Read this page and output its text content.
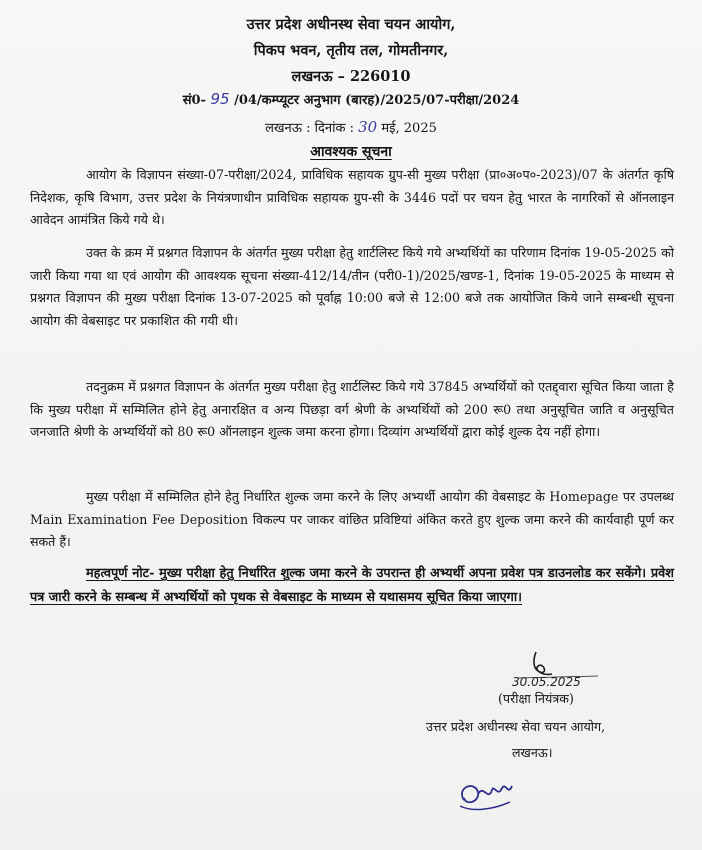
उत्तर प्रदेश अधीनस्थ सेवा चयन आयोग,
पिकप भवन, तृतीय तल, गोमतीनगर,
लखनऊ – 226010
सं0- 95 /04/कम्प्यूटर अनुभाग (बारह)/2025/07-परीक्षा/2024
लखनऊ : दिनांक : 30 मई, 2025
आवश्यक सूचना

आयोग के विज्ञापन संख्या-07-परीक्षा/2024, प्राविधिक सहायक ग्रुप-सी मुख्य परीक्षा (प्रा०अ०प०-2023)/07 के अंतर्गत कृषि निदेशक, कृषि विभाग, उत्तर प्रदेश के नियंत्रणाधीन प्राविधिक सहायक ग्रुप-सी के 3446 पदों पर चयन हेतु भारत के नागरिकों से ऑनलाइन आवेदन आमंत्रित किये गये थे।

उक्त के क्रम में प्रश्नगत विज्ञापन के अंतर्गत मुख्य परीक्षा हेतु शार्टलिस्ट किये गये अभ्यर्थियों का परिणाम दिनांक 19-05-2025 को जारी किया गया था एवं आयोग की आवश्यक सूचना संख्या-412/14/तीन (परी0-1)/2025/खण्ड-1, दिनांक 19-05-2025 के माध्यम से प्रश्नगत विज्ञापन की मुख्य परीक्षा दिनांक 13-07-2025 को पूर्वाह्न 10:00 बजे से 12:00 बजे तक आयोजित किये जाने सम्बन्धी सूचना आयोग की वेबसाइट पर प्रकाशित की गयी थी।

तदनुक्रम में प्रश्नगत विज्ञापन के अंतर्गत मुख्य परीक्षा हेतु शार्टलिस्ट किये गये 37845 अभ्यर्थियों को एतद्द्वारा सूचित किया जाता है कि मुख्य परीक्षा में सम्मिलित होने हेतु अनारक्षित व अन्य पिछड़ा वर्ग श्रेणी के अभ्यर्थियों को 200 रू0 तथा अनुसूचित जाति व अनुसूचित जनजाति श्रेणी के अभ्यर्थियों को 80 रू0 ऑनलाइन शुल्क जमा करना होगा। दिव्यांग अभ्यर्थियों द्वारा कोई शुल्क देय नहीं होगा।

मुख्य परीक्षा में सम्मिलित होने हेतु निर्धारित शुल्क जमा करने के लिए अभ्यर्थी आयोग की वेबसाइट के Homepage पर उपलब्ध Main Examination Fee Deposition विकल्प पर जाकर वांछित प्रविष्टियां अंकित करते हुए शुल्क जमा करने की कार्यवाही पूर्ण कर सकते हैं।

महत्वपूर्ण नोट- मुख्य परीक्षा हेतु निर्धारित शुल्क जमा करने के उपरान्त ही अभ्यर्थी अपना प्रवेश पत्र डाउनलोड कर सकेंगे। प्रवेश पत्र जारी करने के सम्बन्ध में अभ्यर्थियों को पृथक से वेबसाइट के माध्यम से यथासमय सूचित किया जाएगा।

30.05.2025
(परीक्षा नियंत्रक)
उत्तर प्रदेश अधीनस्थ सेवा चयन आयोग,
लखनऊ।
